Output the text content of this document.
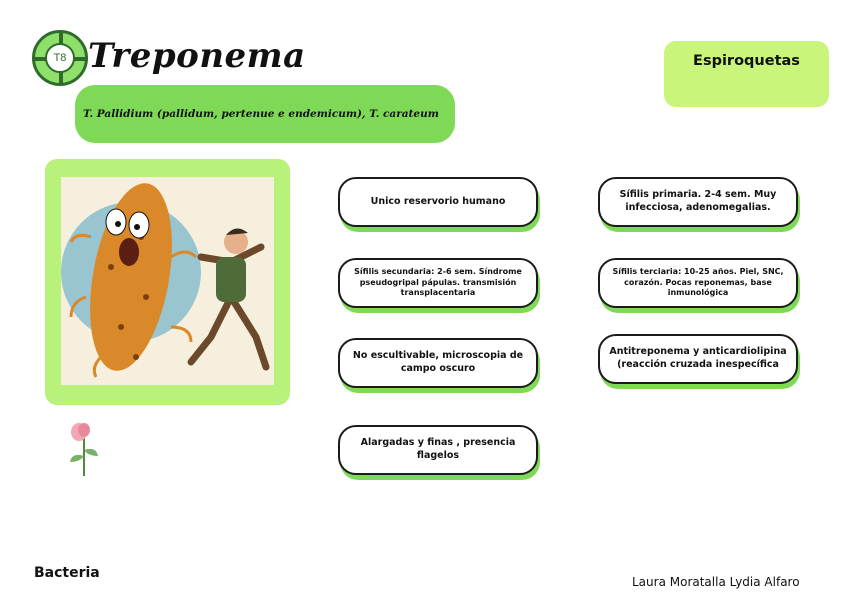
T8 Treponema
T. Pallidium (pallidum, pertenue e endemicum), T. carateum
Espiroquetas
Unico reservorio humano
Sífilis primaria. 2-4 sem. Muy infecciosa, adenomegalias.
Sífilis secundaria: 2-6 sem. Síndrome pseudogripal pápulas. transmisión transplacentaria
Sífilis terciaria: 10-25 años. Piel, SNC, corazón. Pocas reponemas, base inmunológica
No escultivable, microscopia de campo oscuro
Antitreponema y anticardiolipina (reacción cruzada inespecífica
Alargadas y finas , presencia flagelos
Bacteria
Laura Moratalla Lydia Alfaro
